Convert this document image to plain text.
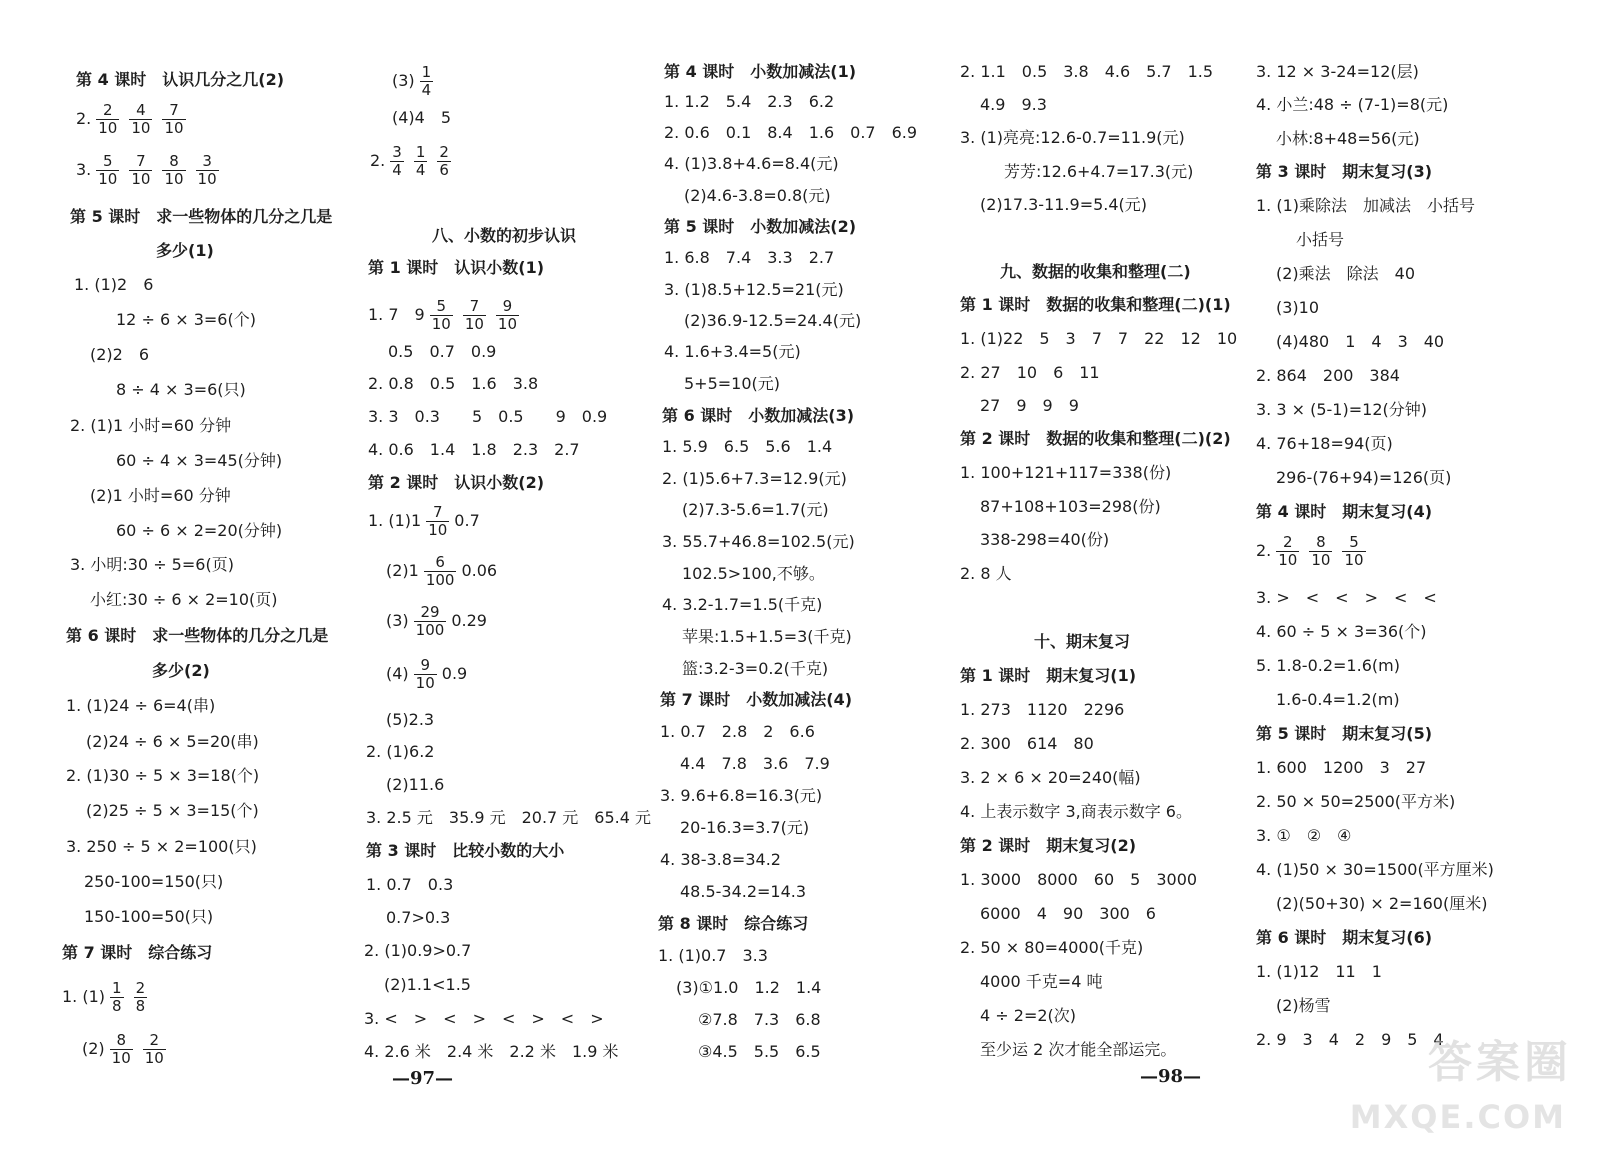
第 4 课时　认识几分之几(2)
2. $\frac{2}{10} \frac{4}{10} \frac{7}{10}$
3. $\frac{5}{10} \frac{7}{10} \frac{8}{10} \frac{3}{10}$
第 5 课时　求一些物体的几分之几是
多少(1)
1. (1)2　6
12 ÷ 6 × 3=6(个)
(2)2　6
8 ÷ 4 × 3=6(只)
2. (1)1 小时=60 分钟
60 ÷ 4 × 3=45(分钟)
(2)1 小时=60 分钟
60 ÷ 6 × 2=20(分钟)
3. 小明:30 ÷ 5=6(页)
小红:30 ÷ 6 × 2=10(页)
第 6 课时　求一些物体的几分之几是
多少(2)
1. (1)24 ÷ 6=4(串)
(2)24 ÷ 6 × 5=20(串)
2. (1)30 ÷ 5 × 3=18(个)
(2)25 ÷ 5 × 3=15(个)
3. 250 ÷ 5 × 2=100(只)
250-100=150(只)
150-100=50(只)
第 7 课时　综合练习
1. $(1) \frac{1}{8} \frac{2}{8}$
$(2) \frac{8}{10} \frac{2}{10}$
$(3) \frac{1}{4}$
(4)4　5
2. $\frac{3}{4} \frac{1}{4} \frac{2}{6}$
八、小数的初步认识
第 1 课时　认识小数(1)
1. 7　$9 \frac{5}{10} \frac{7}{10} \frac{9}{10}$
0.5　0.7　0.9
2. 0.8　0.5　1.6　3.8
3. 3　0.3　　5　0.5　　9　0.9
4. 0.6　1.4　1.8　2.3　2.7
第 2 课时　认识小数(2)
1. $(1)1 \frac{7}{10} 0.7$
$(2)1 \frac{6}{100} 0.06$
$(3) \frac{29}{100} 0.29$
$(4) \frac{9}{10} 0.9$
(5)2.3
2. (1)6.2
(2)11.6
3. 2.5 元　35.9 元　20.7 元　65.4 元
第 3 课时　比较小数的大小
1. 0.7　0.3
0.7>0.3
2. (1)0.9>0.7
(2)1.1<1.5
3. <　>　<　>　<　>　<　>
4. 2.6 米　2.4 米　2.2 米　1.9 米
第 4 课时　小数加减法(1)
1. 1.2　5.4　2.3　6.2
2. 0.6　0.1　8.4　1.6　0.7　6.9
4. (1)3.8+4.6=8.4(元)
(2)4.6-3.8=0.8(元)
第 5 课时　小数加减法(2)
1. 6.8　7.4　3.3　2.7
3. (1)8.5+12.5=21(元)
(2)36.9-12.5=24.4(元)
4. 1.6+3.4=5(元)
5+5=10(元)
第 6 课时　小数加减法(3)
1. 5.9　6.5　5.6　1.4
2. (1)5.6+7.3=12.9(元)
(2)7.3-5.6=1.7(元)
3. 55.7+46.8=102.5(元)
102.5>100,不够。
4. 3.2-1.7=1.5(千克)
苹果:1.5+1.5=3(千克)
篮:3.2-3=0.2(千克)
第 7 课时　小数加减法(4)
1. 0.7　2.8　2　6.6
4.4　7.8　3.6　7.9
3. 9.6+6.8=16.3(元)
20-16.3=3.7(元)
4. 38-3.8=34.2
48.5-34.2=14.3
第 8 课时　综合练习
1. (1)0.7　3.3
(3)①1.0　1.2　1.4
②7.8　7.3　6.8
③4.5　5.5　6.5
2. 1.1　0.5　3.8　4.6　5.7　1.5
4.9　9.3
3. (1)亮亮:12.6-0.7=11.9(元)
芳芳:12.6+4.7=17.3(元)
(2)17.3-11.9=5.4(元)
九、数据的收集和整理(二)
第 1 课时　数据的收集和整理(二)(1)
1. (1)22　5　3　7　7　22　12　10
2. 27　10　6　11
27　9　9　9
第 2 课时　数据的收集和整理(二)(2)
1. 100+121+117=338(份)
87+108+103=298(份)
338-298=40(份)
2. 8 人
十、期末复习
第 1 课时　期末复习(1)
1. 273　1120　2296
2. 300　614　80
3. 2 × 6 × 20=240(幅)
4. 上表示数字 3,商表示数字 6。
第 2 课时　期末复习(2)
1. 3000　8000　60　5　3000
6000　4　90　300　6
2. 50 × 80=4000(千克)
4000 千克=4 吨
4 ÷ 2=2(次)
至少运 2 次才能全部运完。
3. 12 × 3-24=12(层)
4. 小兰:48 ÷ (7-1)=8(元)
小林:8+48=56(元)
第 3 课时　期末复习(3)
1. (1)乘除法　加减法　小括号
小括号
(2)乘法　除法　40
(3)10
(4)480　1　4　3　40
2. 864　200　384
3. 3 × (5-1)=12(分钟)
4. 76+18=94(页)
296-(76+94)=126(页)
第 4 课时　期末复习(4)
2. $\frac{2}{10} \frac{8}{10} \frac{5}{10}$
3. >　<　<　>　<　<
4. 60 ÷ 5 × 3=36(个)
5. 1.8-0.2=1.6(m)
1.6-0.4=1.2(m)
第 5 课时　期末复习(5)
1. 600　1200　3　27
2. 50 × 50=2500(平方米)
3. ①　②　④
4. (1)50 × 30=1500(平方厘米)
(2)(50+30) × 2=160(厘米)
第 6 课时　期末复习(6)
1. (1)12　11　1
(2)杨雪
2. 9　3　4　2　9　5　4
—97—	—98—	答案圈
MXQE.COM
